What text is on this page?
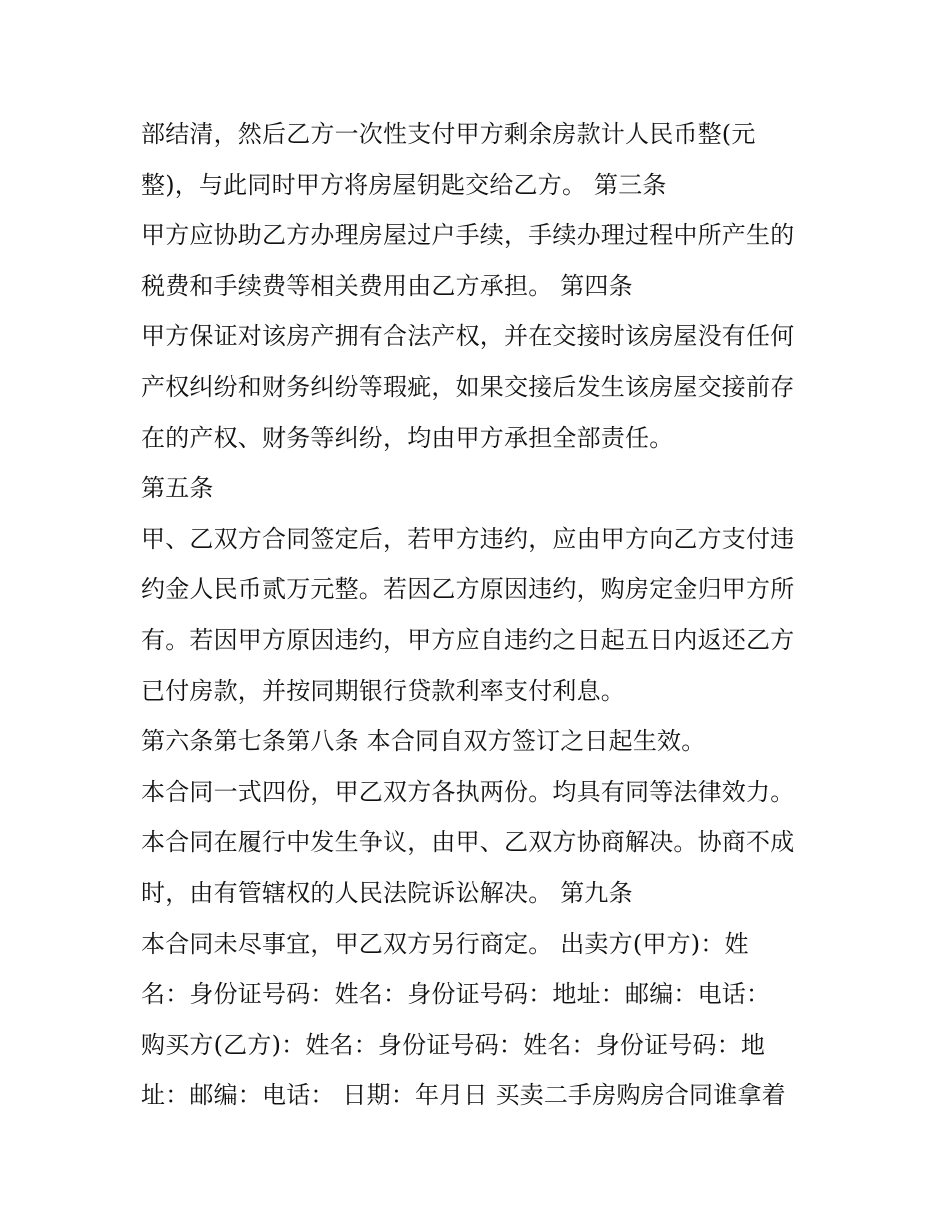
部结清，然后乙方一次性支付甲方剩余房款计人民币整(元
整)，与此同时甲方将房屋钥匙交给乙方。 第三条
甲方应协助乙方办理房屋过户手续，手续办理过程中所产生的
税费和手续费等相关费用由乙方承担。 第四条
甲方保证对该房产拥有合法产权，并在交接时该房屋没有任何
产权纠纷和财务纠纷等瑕疵，如果交接后发生该房屋交接前存
在的产权、财务等纠纷，均由甲方承担全部责任。
第五条
甲、乙双方合同签定后，若甲方违约，应由甲方向乙方支付违
约金人民币贰万元整。若因乙方原因违约，购房定金归甲方所
有。若因甲方原因违约，甲方应自违约之日起五日内返还乙方
已付房款，并按同期银行贷款利率支付利息。
第六条第七条第八条 本合同自双方签订之日起生效。
本合同一式四份，甲乙双方各执两份。均具有同等法律效力。
本合同在履行中发生争议，由甲、乙双方协商解决。协商不成
时，由有管辖权的人民法院诉讼解决。 第九条
本合同未尽事宜，甲乙双方另行商定。 出卖方(甲方)：姓
名：身份证号码：姓名：身份证号码：地址：邮编：电话：
购买方(乙方)：姓名：身份证号码：姓名：身份证号码：地
址：邮编：电话： 日期：年月日 买卖二手房购房合同谁拿着
